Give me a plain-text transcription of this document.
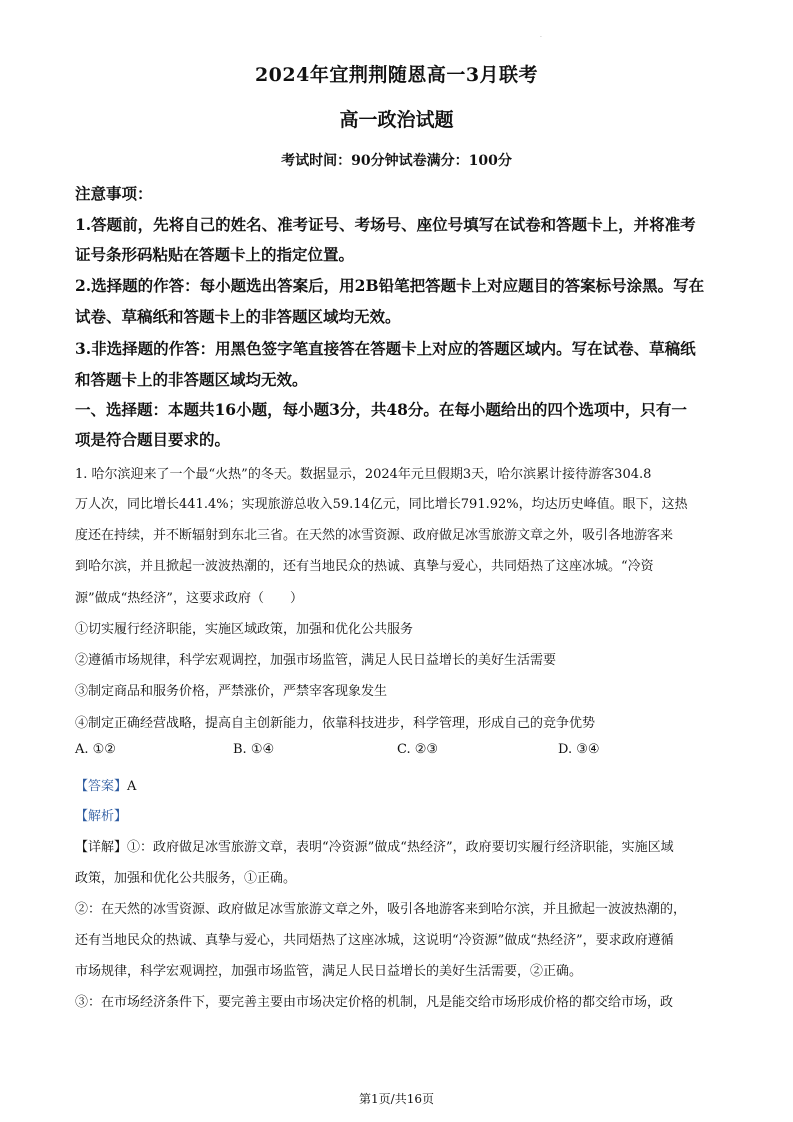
·
2024年宜荆荆随恩高一3月联考
高一政治试题
考试时间：90分钟试卷满分：100分
注意事项：
1.答题前，先将自己的姓名、准考证号、考场号、座位号填写在试卷和答题卡上，并将准考
证号条形码粘贴在答题卡上的指定位置。
2.选择题的作答：每小题选出答案后，用2B铅笔把答题卡上对应题目的答案标号涂黑。写在
试卷、草稿纸和答题卡上的非答题区域均无效。
3.非选择题的作答：用黑色签字笔直接答在答题卡上对应的答题区域内。写在试卷、草稿纸
和答题卡上的非答题区域均无效。
一、选择题：本题共16小题，每小题3分，共48分。在每小题给出的四个选项中，只有一
项是符合题目要求的。
1. 哈尔滨迎来了一个最“火热”的冬天。数据显示，2024年元旦假期3天，哈尔滨累计接待游客304.8
万人次，同比增长441.4%；实现旅游总收入59.14亿元，同比增长791.92%，均达历史峰值。眼下，这热
度还在持续，并不断辐射到东北三省。在天然的冰雪资源、政府做足冰雪旅游文章之外，吸引各地游客来
到哈尔滨，并且掀起一波波热潮的，还有当地民众的热诚、真挚与爱心，共同焐热了这座冰城。“冷资
源”做成“热经济”，这要求政府（　　）
①切实履行经济职能，实施区域政策，加强和优化公共服务
②遵循市场规律，科学宏观调控，加强市场监管，满足人民日益增长的美好生活需要
③制定商品和服务价格，严禁涨价，严禁宰客现象发生
④制定正确经营战略，提高自主创新能力，依靠科技进步，科学管理，形成自己的竞争优势
A. ①②	B. ①④	C. ②③	D. ③④
【答案】A
【解析】
【详解】①：政府做足冰雪旅游文章，表明“冷资源”做成“热经济”，政府要切实履行经济职能，实施区域
政策，加强和优化公共服务，①正确。
②：在天然的冰雪资源、政府做足冰雪旅游文章之外，吸引各地游客来到哈尔滨，并且掀起一波波热潮的，
还有当地民众的热诚、真挚与爱心，共同焐热了这座冰城，这说明“冷资源”做成“热经济”，要求政府遵循
市场规律，科学宏观调控，加强市场监管，满足人民日益增长的美好生活需要，②正确。
③：在市场经济条件下，要完善主要由市场决定价格的机制，凡是能交给市场形成价格的都交给市场，政
第1页/共16页
